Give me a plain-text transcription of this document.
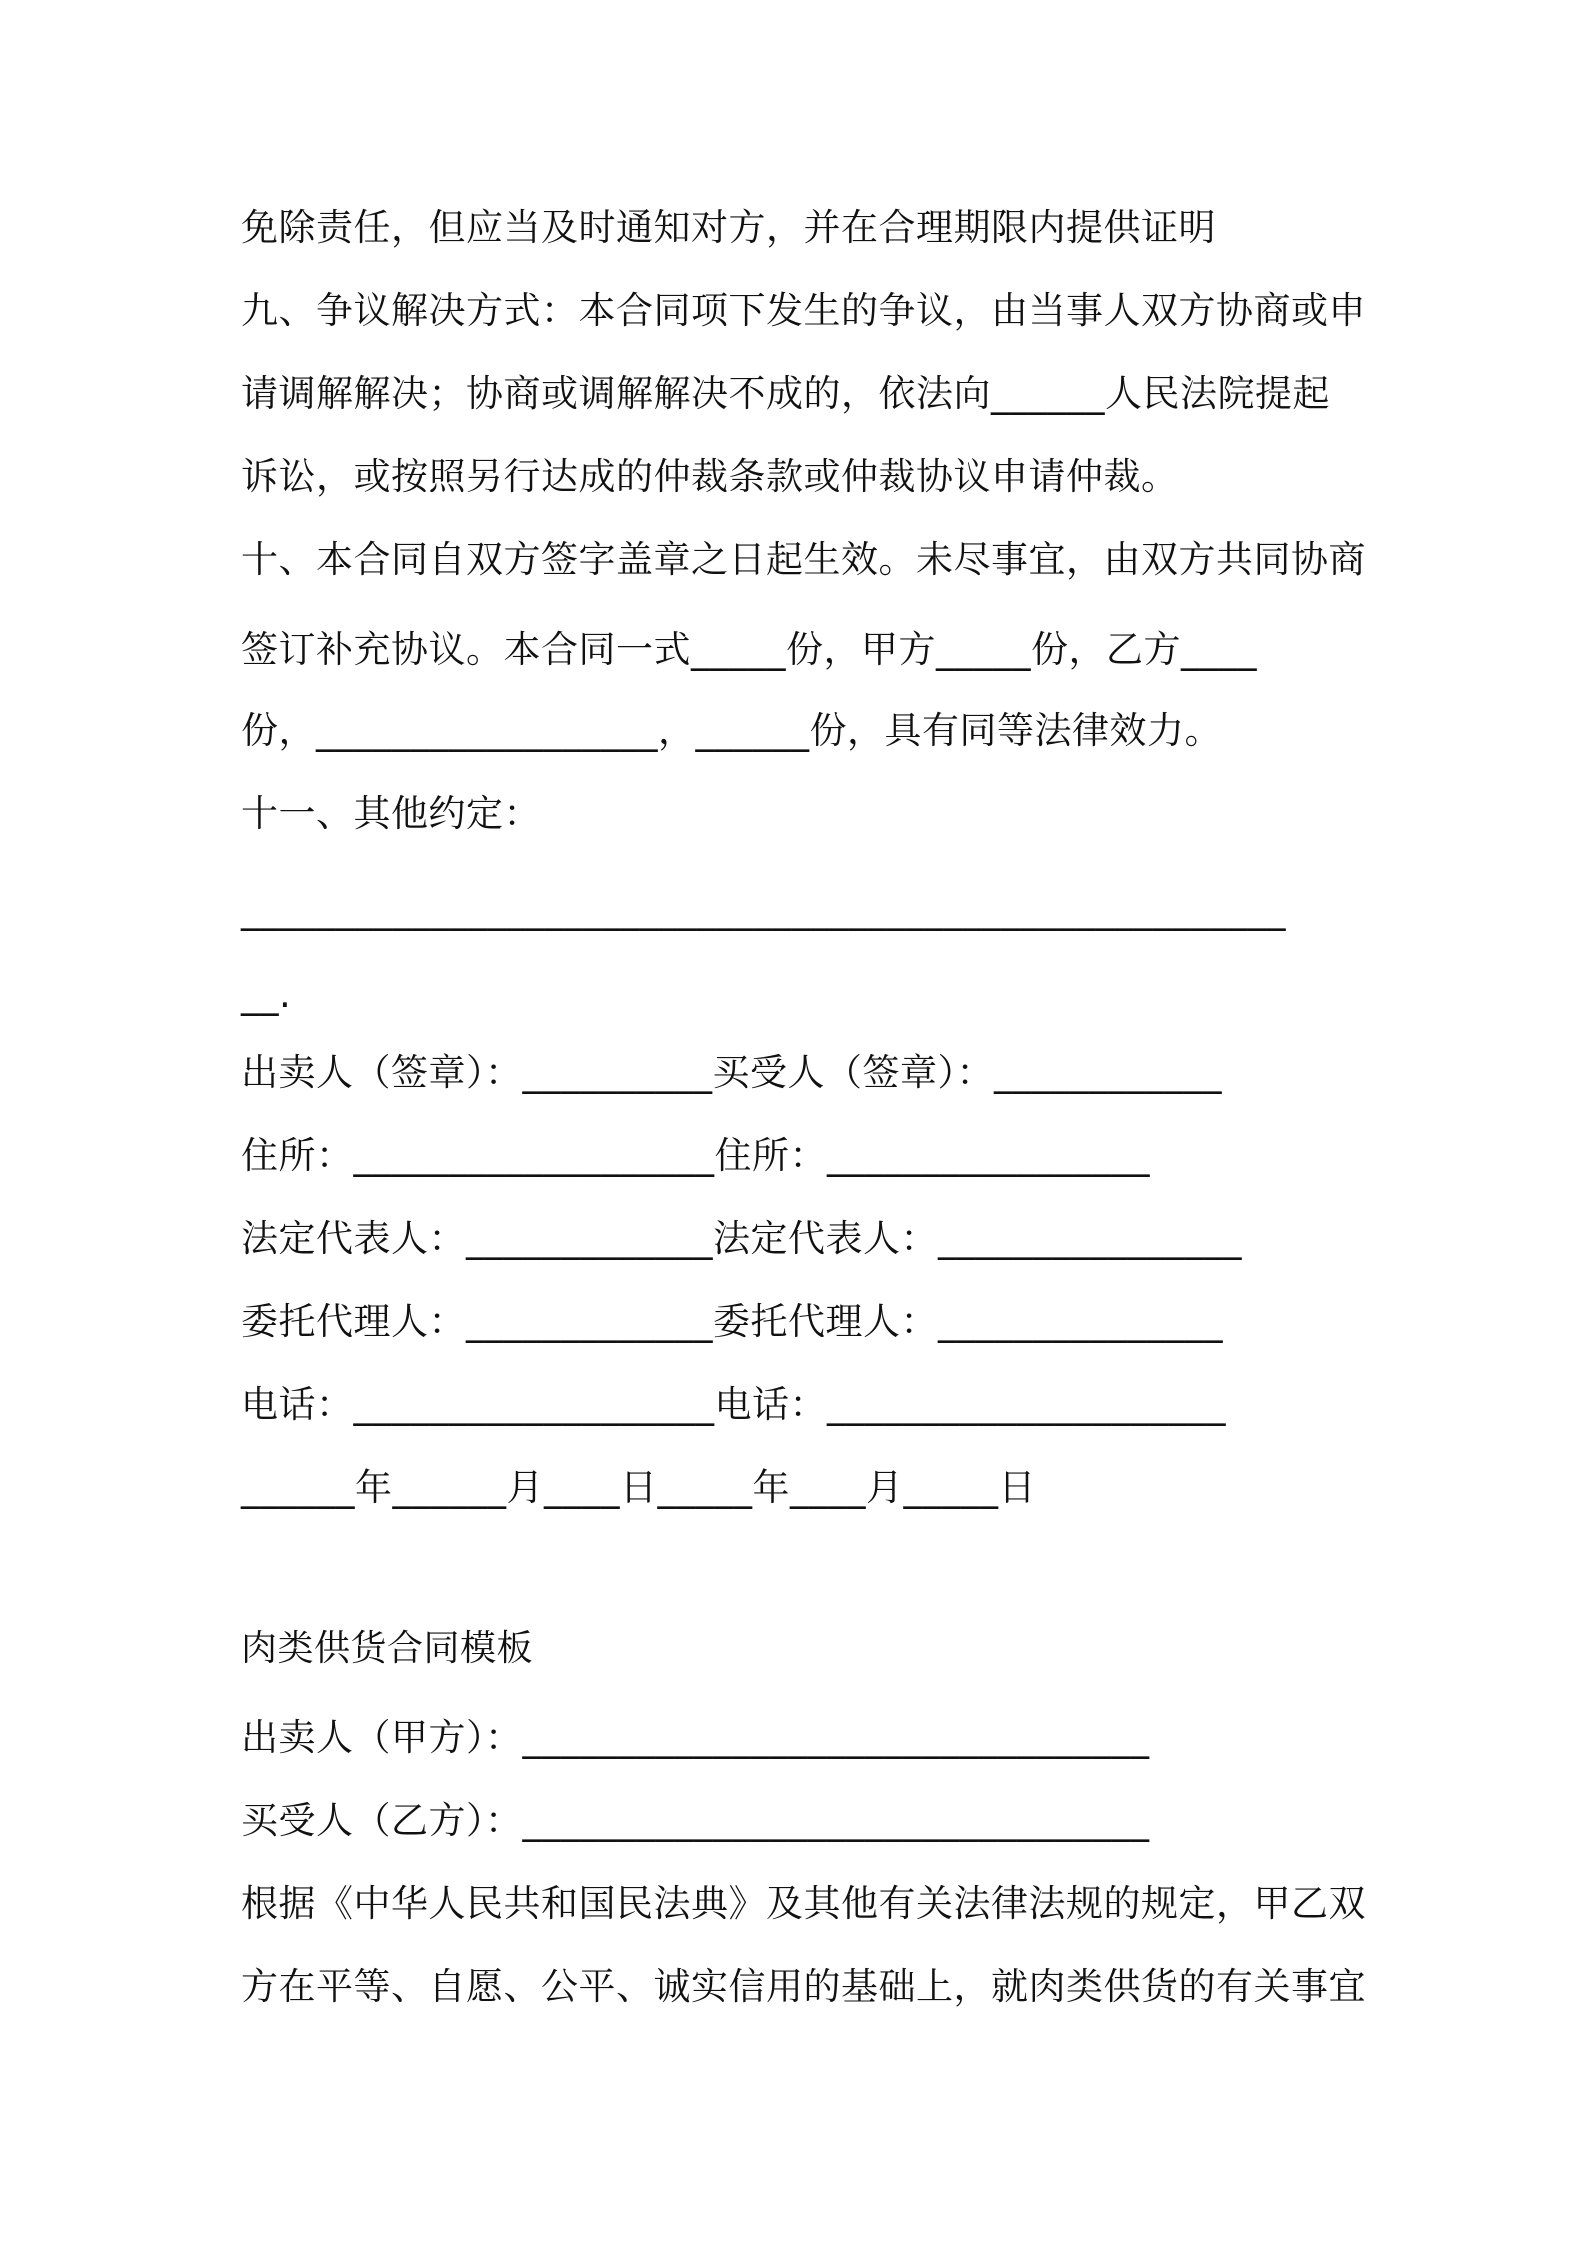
免除责任，但应当及时通知对方，并在合理期限内提供证明
九、争议解决方式：本合同项下发生的争议，由当事人双方协商或申
请调解解决；协商或调解解决不成的，依法向______人民法院提起
诉讼，或按照另行达成的仲裁条款或仲裁协议申请仲裁。
十、本合同自双方签字盖章之日起生效。未尽事宜，由双方共同协商
签订补充协议。本合同一式_____份，甲方_____份，乙方____
份，__________________，______份，具有同等法律效力。
十一、其他约定：
_______________________________________________________
__.
出卖人（签章）：__________买受人（签章）：____________
住所：___________________住所：_________________
法定代表人：_____________法定代表人：________________
委托代理人：_____________委托代理人：_______________
电话：___________________电话：_____________________
______年______月____日_____年____月_____日
肉类供货合同模板
出卖人（甲方）：_________________________________
买受人（乙方）：_________________________________
根据《中华人民共和国民法典》及其他有关法律法规的规定，甲乙双
方在平等、自愿、公平、诚实信用的基础上，就肉类供货的有关事宜
